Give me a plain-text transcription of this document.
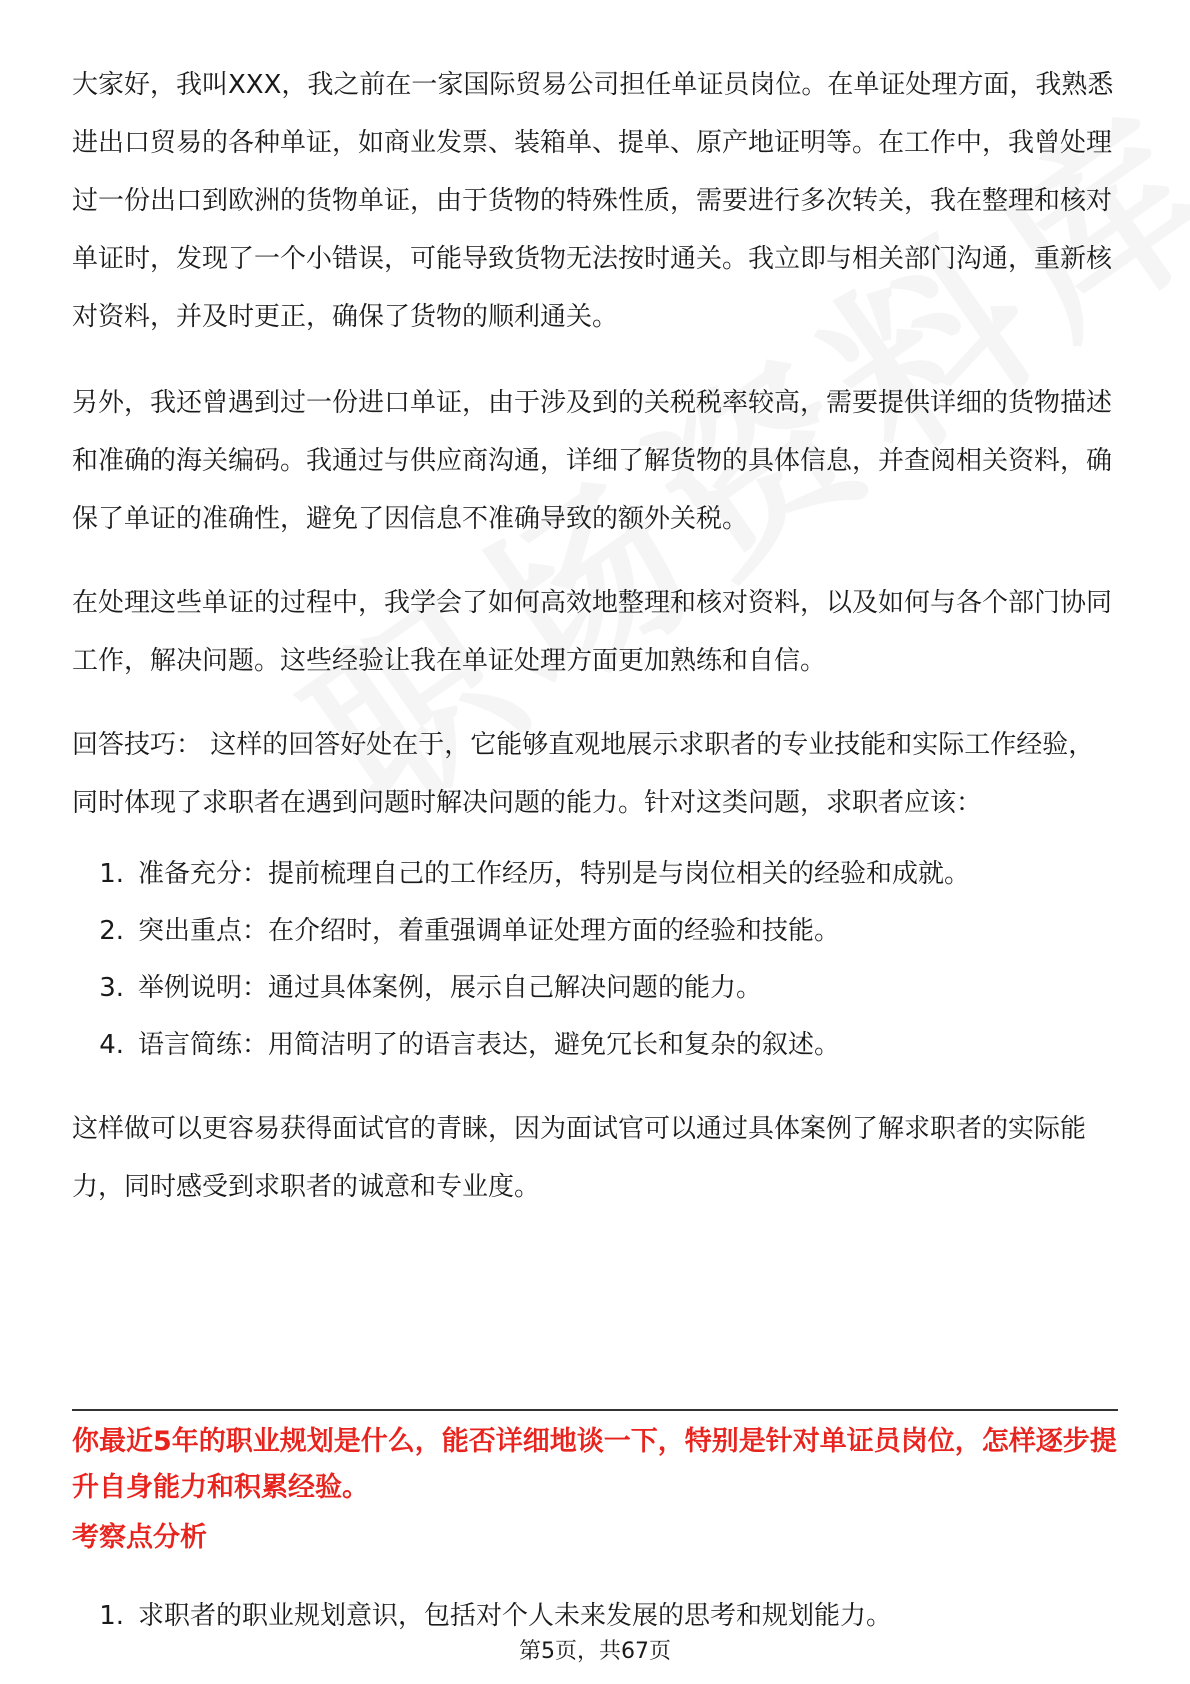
大家好，我叫XXX，我之前在一家国际贸易公司担任单证员岗位。在单证处理方面，我熟悉进出口贸易的各种单证，如商业发票、装箱单、提单、原产地证明等。在工作中，我曾处理过一份出口到欧洲的货物单证，由于货物的特殊性质，需要进行多次转关，我在整理和核对单证时，发现了一个小错误，可能导致货物无法按时通关。我立即与相关部门沟通，重新核对资料，并及时更正，确保了货物的顺利通关。

另外，我还曾遇到过一份进口单证，由于涉及到的关税税率较高，需要提供详细的货物描述和准确的海关编码。我通过与供应商沟通，详细了解货物的具体信息，并查阅相关资料，确保了单证的准确性，避免了因信息不准确导致的额外关税。

在处理这些单证的过程中，我学会了如何高效地整理和核对资料，以及如何与各个部门协同工作，解决问题。这些经验让我在单证处理方面更加熟练和自信。

回答技巧： 这样的回答好处在于，它能够直观地展示求职者的专业技能和实际工作经验，同时体现了求职者在遇到问题时解决问题的能力。针对这类问题，求职者应该：

1. 准备充分：提前梳理自己的工作经历，特别是与岗位相关的经验和成就。
2. 突出重点：在介绍时，着重强调单证处理方面的经验和技能。
3. 举例说明：通过具体案例，展示自己解决问题的能力。
4. 语言简练：用简洁明了的语言表达，避免冗长和复杂的叙述。

这样做可以更容易获得面试官的青睐，因为面试官可以通过具体案例了解求职者的实际能力，同时感受到求职者的诚意和专业度。

你最近5年的职业规划是什么，能否详细地谈一下，特别是针对单证员岗位，怎样逐步提升自身能力和积累经验。

考察点分析

1. 求职者的职业规划意识，包括对个人未来发展的思考和规划能力。
第5页，共67页
